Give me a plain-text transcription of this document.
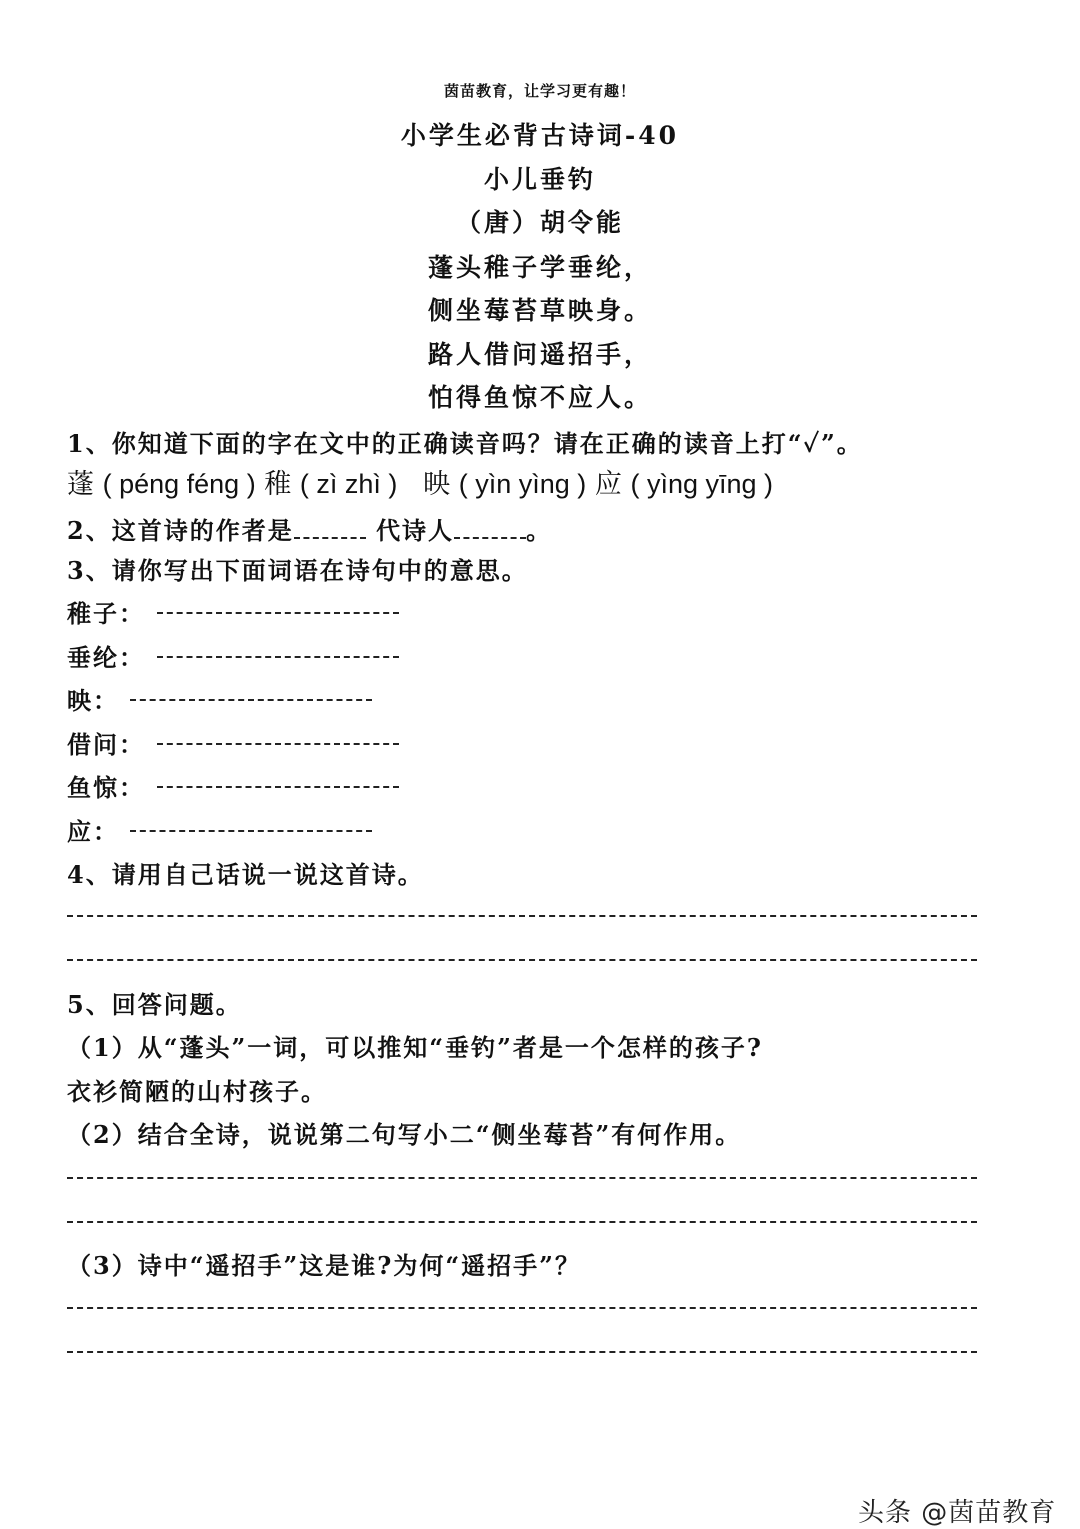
茵苗教育，让学习更有趣！
小学生必背古诗词-40
小儿垂钓
（唐）胡令能
蓬头稚子学垂纶，
侧坐莓苔草映身。
路人借问遥招手，
怕得鱼惊不应人。
1、你知道下面的字在文中的正确读音吗？请在正确的读音上打“✓”。
蓬 ( péng féng ) 稚 ( zì zhì ) 映 ( yìn yìng ) 应 ( yìng yīng )
2、这首诗的作者是	代诗人	。
3、请你写出下面词语在诗句中的意思。
稚子：
垂纶：
映：
借问：
鱼惊：
应：
4、请用自己话说一说这首诗。
5、回答问题。
（1）从“蓬头”一词，可以推知“垂钓”者是一个怎样的孩子?
衣衫简陋的山村孩子。
（2）结合全诗，说说第二句写小二“侧坐莓苔”有何作用。
（3）诗中“遥招手”这是谁?为何“遥招手”？
头条 @茵苗教育
